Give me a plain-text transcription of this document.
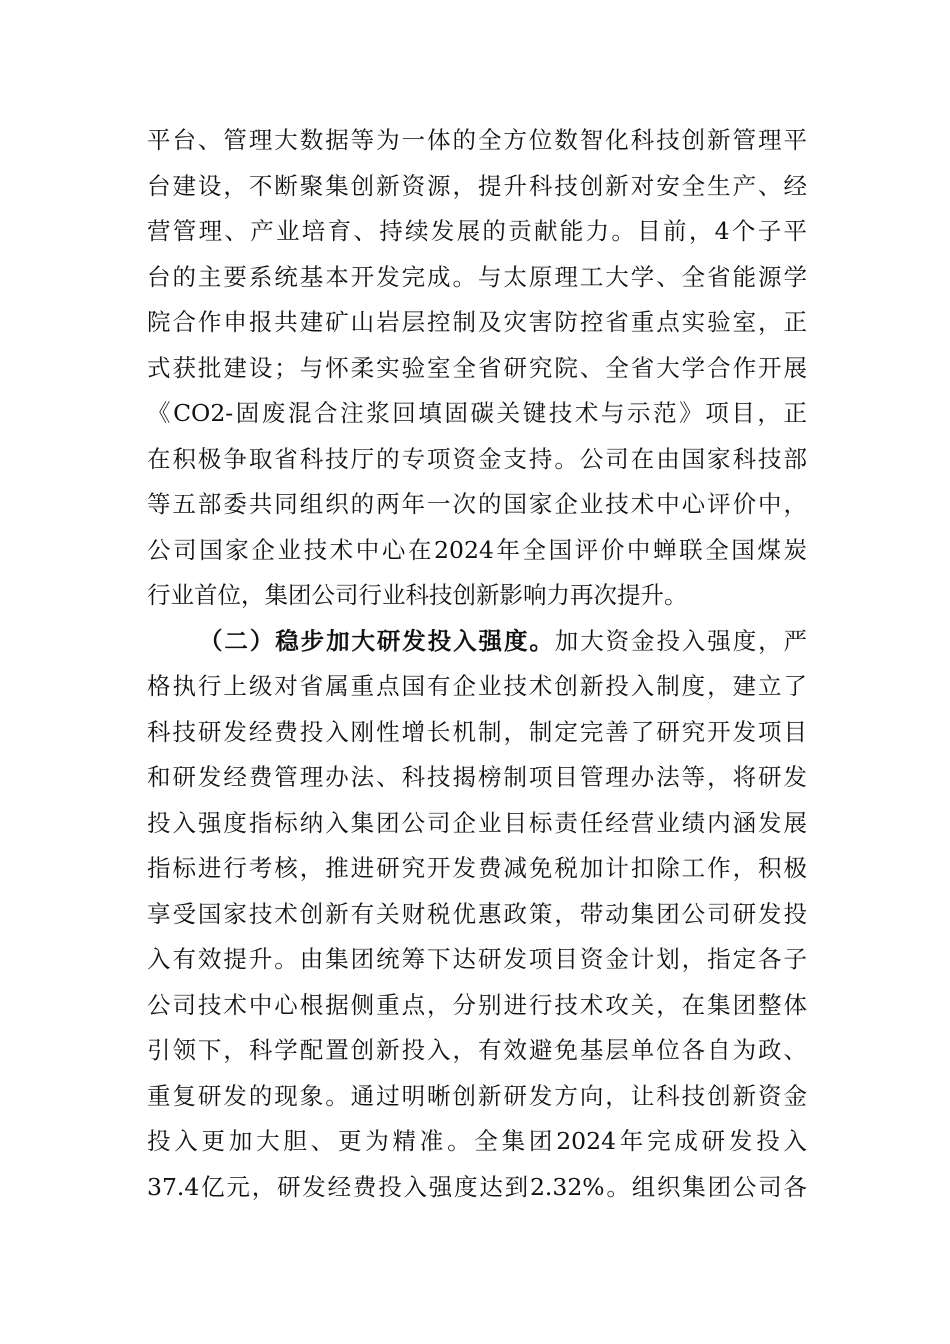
平台、管理大数据等为一体的全方位数智化科技创新管理平
台建设，不断聚集创新资源，提升科技创新对安全生产、经
营管理、产业培育、持续发展的贡献能力。目前，4个子平
台的主要系统基本开发完成。与太原理工大学、全省能源学
院合作申报共建矿山岩层控制及灾害防控省重点实验室，正
式获批建设；与怀柔实验室全省研究院、全省大学合作开展
《CO2-固废混合注浆回填固碳关键技术与示范》项目，正
在积极争取省科技厅的专项资金支持。公司在由国家科技部
等五部委共同组织的两年一次的国家企业技术中心评价中，
公司国家企业技术中心在2024年全国评价中蝉联全国煤炭
行业首位，集团公司行业科技创新影响力再次提升。
（二）稳步加大研发投入强度。加大资金投入强度，严
格执行上级对省属重点国有企业技术创新投入制度，建立了
科技研发经费投入刚性增长机制，制定完善了研究开发项目
和研发经费管理办法、科技揭榜制项目管理办法等，将研发
投入强度指标纳入集团公司企业目标责任经营业绩内涵发展
指标进行考核，推进研究开发费减免税加计扣除工作，积极
享受国家技术创新有关财税优惠政策，带动集团公司研发投
入有效提升。由集团统筹下达研发项目资金计划，指定各子
公司技术中心根据侧重点，分别进行技术攻关，在集团整体
引领下，科学配置创新投入，有效避免基层单位各自为政、
重复研发的现象。通过明晰创新研发方向，让科技创新资金
投入更加大胆、更为精准。全集团2024年完成研发投入
37.4亿元，研发经费投入强度达到2.32%。组织集团公司各
